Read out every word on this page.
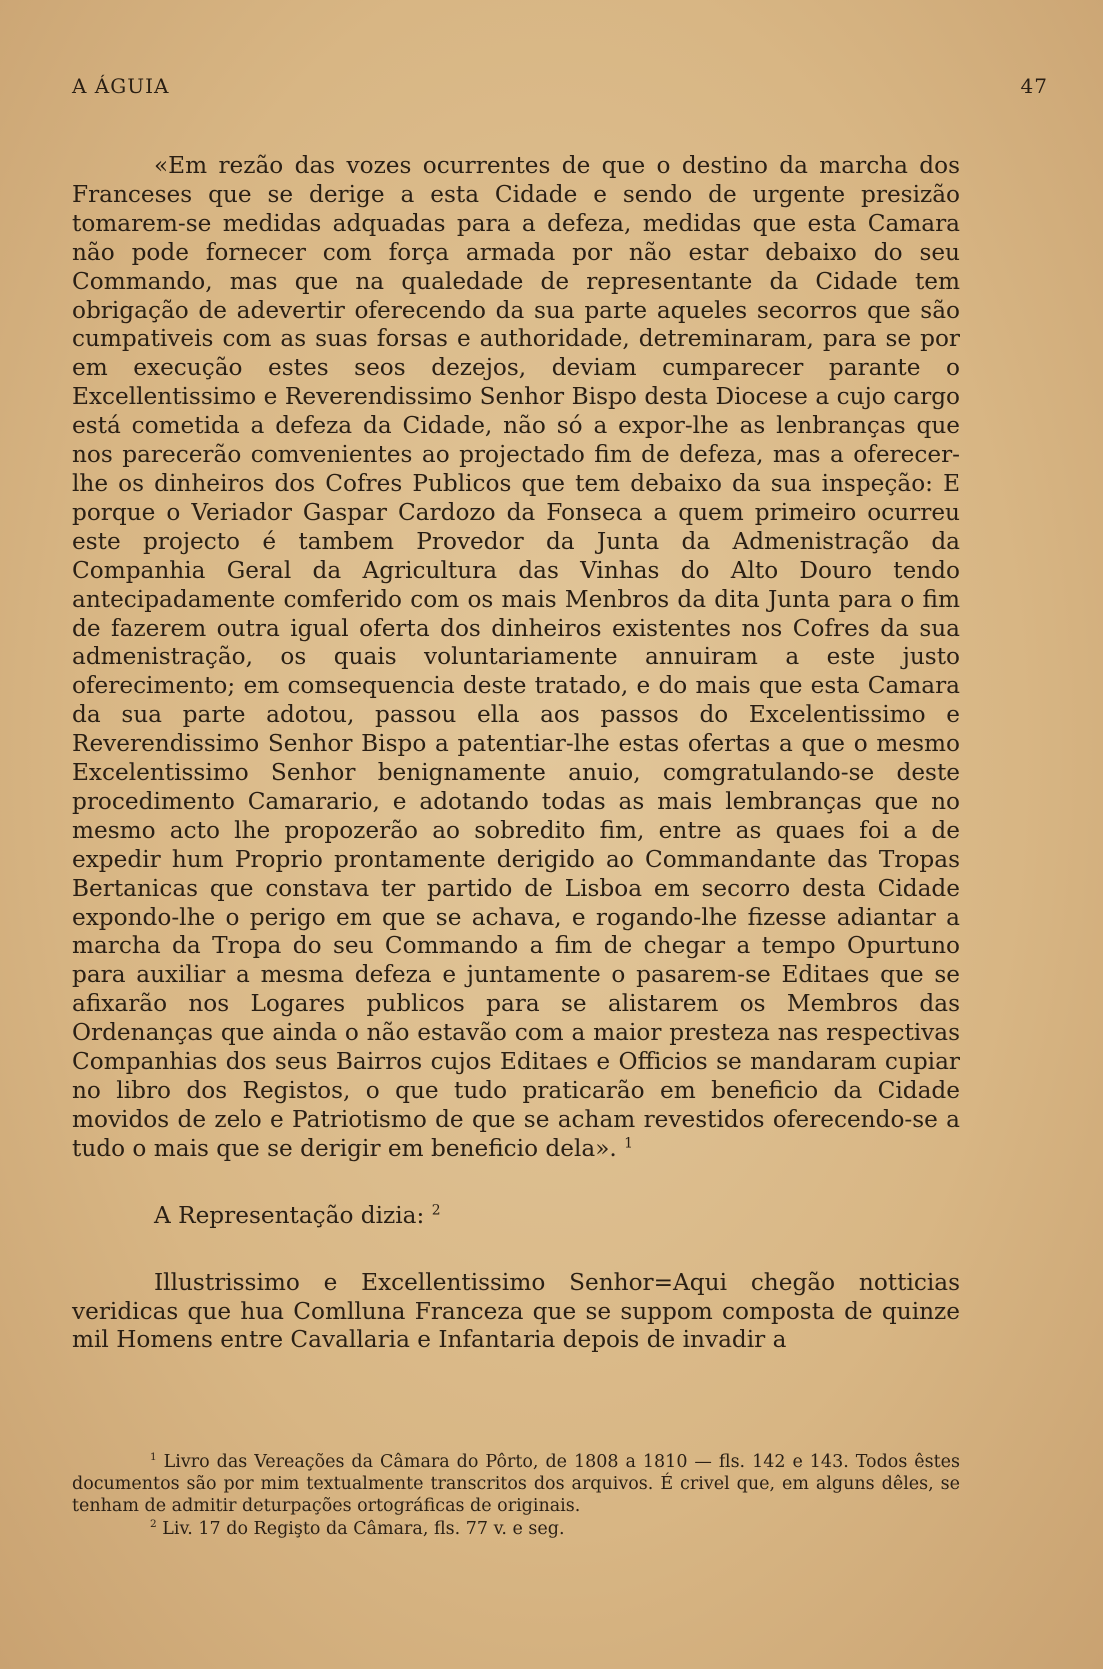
A ÁGUIA	47

«Em rezão das vozes ocurrentes de que o destino da marcha dos Franceses que se derige a esta Cidade e sendo de urgente presizão tomarem-se medidas adquadas para a defeza, medidas que esta Camara não pode fornecer com força armada por não estar debaixo do seu Commando, mas que na qualedade de representante da Cidade tem obrigação de adevertir oferecendo da sua parte aqueles secorros que são cumpativeis com as suas forsas e authoridade, detreminaram, para se por em execução estes seos dezejos, deviam cumparecer parante o Excellentissimo e Reverendissimo Senhor Bispo desta Diocese a cujo cargo está cometida a defeza da Cidade, não só a expor-lhe as lenbranças que nos parecerão comvenientes ao projectado fim de defeza, mas a oferecer-lhe os dinheiros dos Cofres Publicos que tem debaixo da sua inspeção: E porque o Veriador Gaspar Cardozo da Fonseca a quem primeiro ocurreu este projecto é tambem Provedor da Junta da Admenistração da Companhia Geral da Agricultura das Vinhas do Alto Douro tendo antecipadamente comferido com os mais Menbros da dita Junta para o fim de fazerem outra igual oferta dos dinheiros existentes nos Cofres da sua admenistração, os quais voluntariamente annuiram a este justo oferecimento; em comsequencia deste tratado, e do mais que esta Camara da sua parte adotou, passou ella aos passos do Excelentissimo e Reverendissimo Senhor Bispo a patentiar-lhe estas ofertas a que o mesmo Excelentissimo Senhor benignamente anuio, comgratulando-se deste procedimento Camarario, e adotando todas as mais lembranças que no mesmo acto lhe propozerão ao sobredito fim, entre as quaes foi a de expedir hum Proprio prontamente derigido ao Commandante das Tropas Bertanicas que constava ter partido de Lisboa em secorro desta Cidade expondo-lhe o perigo em que se achava, e rogando-lhe fizesse adiantar a marcha da Tropa do seu Commando a fim de chegar a tempo Opurtuno para auxiliar a mesma defeza e juntamente o pasarem-se Editaes que se afixarão nos Logares publicos para se alistarem os Membros das Ordenanças que ainda o não estavão com a maior presteza nas respectivas Companhias dos seus Bairros cujos Editaes e Officios se mandaram cupiar no libro dos Registos, o que tudo praticarão em beneficio da Cidade movidos de zelo e Patriotismo de que se acham revestidos oferecendo-se a tudo o mais que se derigir em beneficio dela». $^1$

A Representação dizia: $^2$

Illustrissimo e Excellentissimo Senhor=Aqui chegão notticias veridicas que hua Comlluna Franceza que se suppom composta de quinze mil Homens entre Cavallaria e Infantaria depois de invadir a

$^1$ Livro das Vereações da Câmara do Pôrto, de 1808 a 1810 — fls. 142 e 143. Todos êstes documentos são por mim textualmente transcritos dos arquivos. É crivel que, em alguns dêles, se tenham de admitir deturpações ortográficas de originais.

$^2$ Liv. 17 do Regişto da Câmara, fls. 77 v. e seg.
